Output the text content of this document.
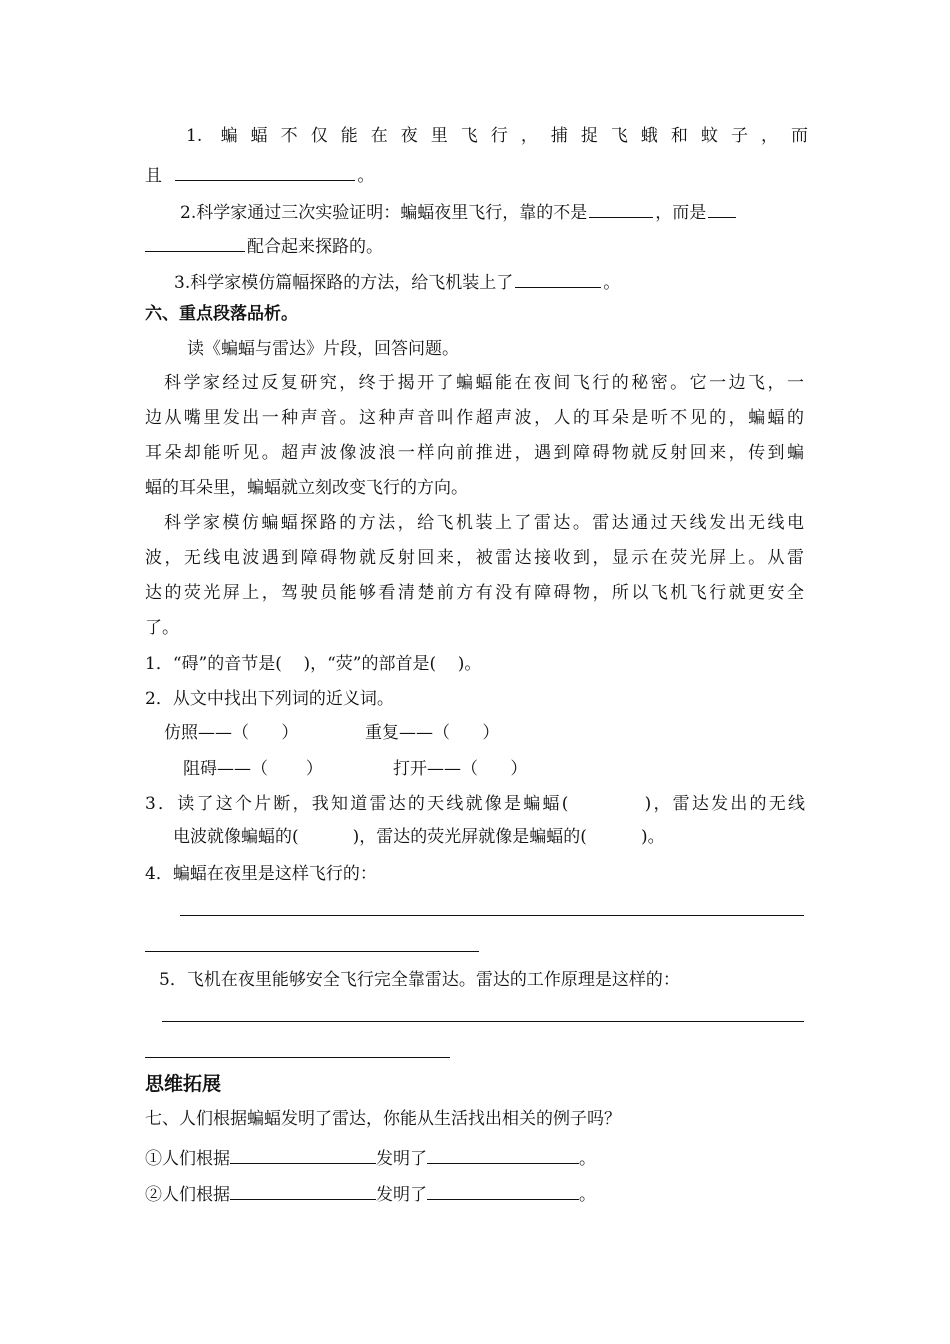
1. 蝙蝠不仅能在夜里飞行，捕捉飞蛾和蚊子，而
且	。
2.科学家通过三次实验证明：蝙蝠夜里飞行，靠的不是	，而是
配合起来探路的。
3.科学家模仿篇幅探路的方法，给飞机装上了	。
六、重点段落品析。
读《蝙蝠与雷达》片段，回答问题。
科学家经过反复研究，终于揭开了蝙蝠能在夜间飞行的秘密。它一边飞，一
边从嘴里发出一种声音。这种声音叫作超声波，人的耳朵是听不见的，蝙蝠的
耳朵却能听见。超声波像波浪一样向前推进，遇到障碍物就反射回来，传到蝙
蝠的耳朵里，蝙蝠就立刻改变飞行的方向。
科学家模仿蝙蝠探路的方法，给飞机装上了雷达。雷达通过天线发出无线电
波，无线电波遇到障碍物就反射回来，被雷达接收到，显示在荧光屏上。从雷
达的荧光屏上，驾驶员能够看清楚前方有没有障碍物，所以飞机飞行就更安全
了。
1．“碍”的音节是(    )，“荧”的部首是(    )。
2．从文中找出下列词的近义词。
仿照——（      ）	重复——（      ）
阻碍——（       ）	打开——（      ）
3．读了这个片断，我知道雷达的天线就像是蝙蝠(          )，雷达发出的无线
电波就像蝙蝠的(          )，雷达的荧光屏就像是蝙蝠的(          )。
4．蝙蝠在夜里是这样飞行的：
5．飞机在夜里能够安全飞行完全靠雷达。雷达的工作原理是这样的：
思维拓展
七、人们根据蝙蝠发明了雷达，你能从生活找出相关的例子吗？
①人们根据	发明了	。
②人们根据	发明了	。
